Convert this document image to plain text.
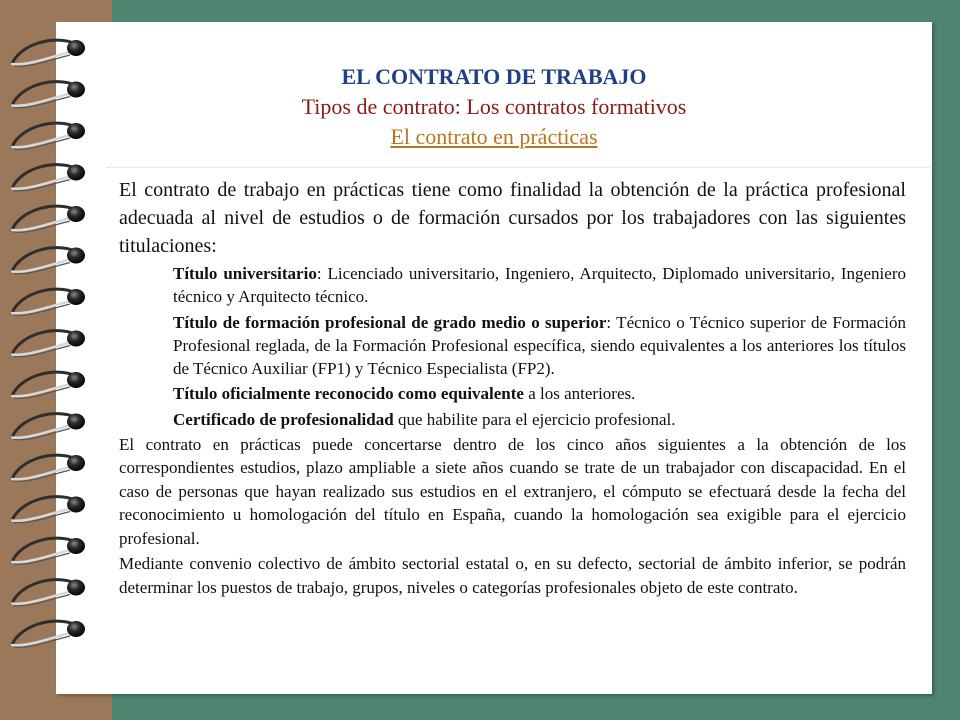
EL CONTRATO DE TRABAJO
Tipos de contrato: Los contratos formativos
El contrato en prácticas

El contrato de trabajo en prácticas tiene como finalidad la obtención de la práctica profesional adecuada al nivel de estudios o de formación cursados por los trabajadores con las siguientes titulaciones:

Título universitario: Licenciado universitario, Ingeniero, Arquitecto, Diplomado universitario, Ingeniero técnico y Arquitecto técnico.
Título de formación profesional de grado medio o superior: Técnico o Técnico superior de Formación Profesional reglada, de la Formación Profesional específica, siendo equivalentes a los anteriores los títulos de Técnico Auxiliar (FP1) y Técnico Especialista (FP2).
Título oficialmente reconocido como equivalente a los anteriores.
Certificado de profesionalidad que habilite para el ejercicio profesional.

El contrato en prácticas puede concertarse dentro de los cinco años siguientes a la obtención de los correspondientes estudios, plazo ampliable a siete años cuando se trate de un trabajador con discapacidad. En el caso de personas que hayan realizado sus estudios en el extranjero, el cómputo se efectuará desde la fecha del reconocimiento u homologación del título en España, cuando la homologación sea exigible para el ejercicio profesional.

Mediante convenio colectivo de ámbito sectorial estatal o, en su defecto, sectorial de ámbito inferior, se podrán determinar los puestos de trabajo, grupos, niveles o categorías profesionales objeto de este contrato.
